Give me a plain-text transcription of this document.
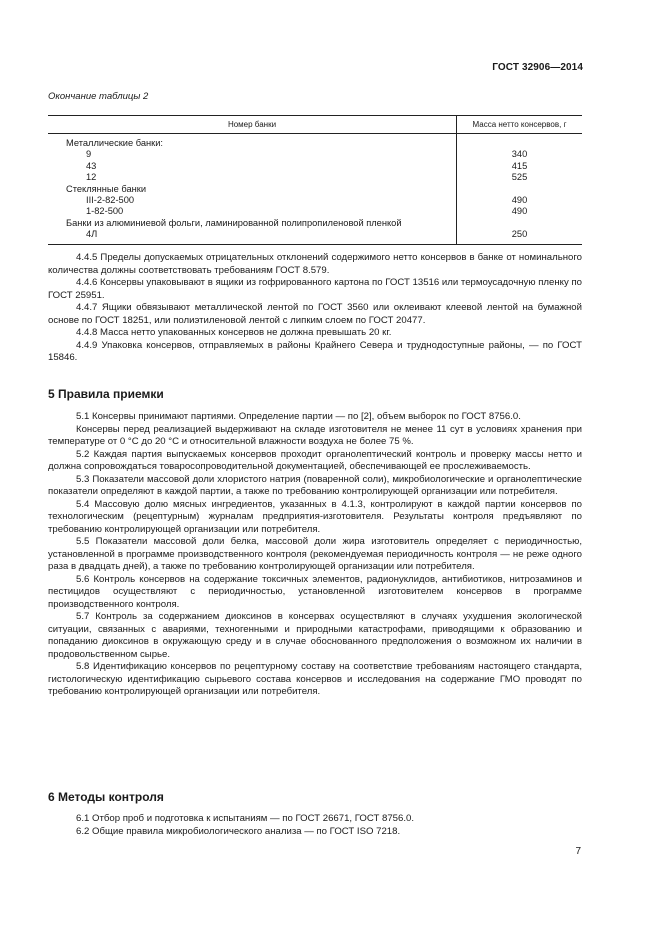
ГОСТ 32906—2014
Окончание таблицы 2
Номер банки	Масса нетто консервов, г
Металлические банки:	
9	340
43	415
12	525
Стеклянные банки	
III-2-82-500	490
1-82-500	490
Банки из алюминиевой фольги, ламинированной полипропиленовой пленкой	
4Л	250

4.4.5 Пределы допускаемых отрицательных отклонений содержимого нетто консервов в банке от номинального количества должны соответствовать требованиям ГОСТ 8.579.

4.4.6 Консервы упаковывают в ящики из гофрированного картона по ГОСТ 13516 или термоусадочную пленку по ГОСТ 25951.

4.4.7 Ящики обвязывают металлической лентой по ГОСТ 3560 или оклеивают клеевой лентой на бумажной основе по ГОСТ 18251, или полиэтиленовой лентой с липким слоем по ГОСТ 20477.

4.4.8 Масса нетто упакованных консервов не должна превышать 20 кг.

4.4.9 Упаковка консервов, отправляемых в районы Крайнего Севера и труднодоступные районы, — по ГОСТ 15846.

5 Правила приемки

5.1 Консервы принимают партиями. Определение партии — по [2], объем выборок по ГОСТ 8756.0.

Консервы перед реализацией выдерживают на складе изготовителя не менее 11 сут в условиях хранения при температуре от 0 °С до 20 °С и относительной влажности воздуха не более 75 %.

5.2 Каждая партия выпускаемых консервов проходит органолептический контроль и проверку массы нетто и должна сопровождаться товаросопроводительной документацией, обеспечивающей ее прослеживаемость.

5.3 Показатели массовой доли хлористого натрия (поваренной соли), микробиологические и органолептические показатели определяют в каждой партии, а также по требованию контролирующей организации или потребителя.

5.4 Массовую долю мясных ингредиентов, указанных в 4.1.3, контролируют в каждой партии консервов по технологическим (рецептурным) журналам предприятия-изготовителя. Результаты контроля предъявляют по требованию контролирующей организации или потребителя.

5.5 Показатели массовой доли белка, массовой доли жира изготовитель определяет с периодичностью, установленной в программе производственного контроля (рекомендуемая периодичность контроля — не реже одного раза в двадцать дней), а также по требованию контролирующей организации или потребителя.

5.6 Контроль консервов на содержание токсичных элементов, радионуклидов, антибиотиков, нитрозаминов и пестицидов осуществляют с периодичностью, установленной изготовителем консервов в программе производственного контроля.

5.7 Контроль за содержанием диоксинов в консервах осуществляют в случаях ухудшения экологической ситуации, связанных с авариями, техногенными и природными катастрофами, приводящими к образованию и попаданию диоксинов в окружающую среду и в случае обоснованного предположения о возможном их наличии в продовольственном сырье.

5.8 Идентификацию консервов по рецептурному составу на соответствие требованиям настоящего стандарта, гистологическую идентификацию сырьевого состава консервов и исследования на содержание ГМО проводят по требованию контролирующей организации или потребителя.

6 Методы контроля

6.1 Отбор проб и подготовка к испытаниям — по ГОСТ 26671, ГОСТ 8756.0.

6.2 Общие правила микробиологического анализа — по ГОСТ ISO 7218.

7
